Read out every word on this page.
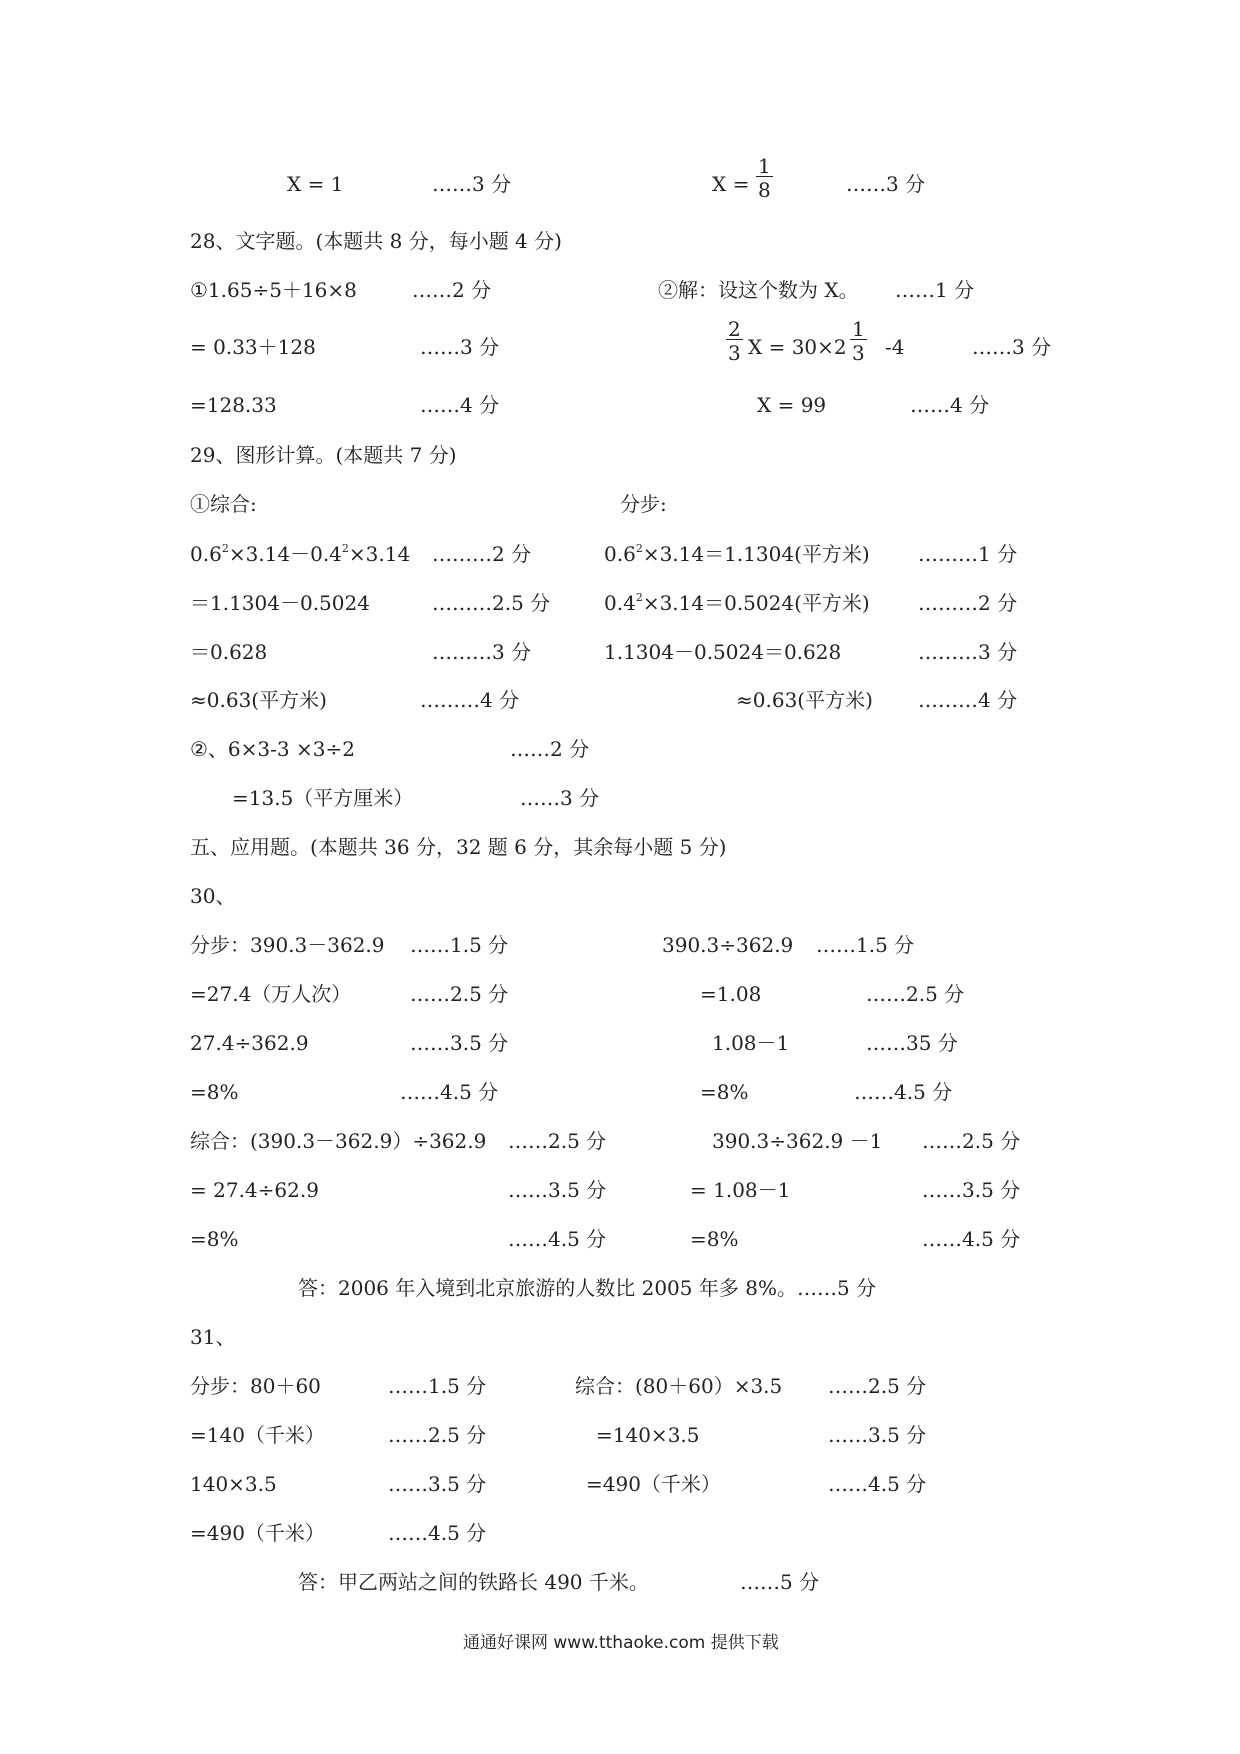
X = 1	……3 分	$X = \frac{1}{8}$	……3 分
28、文字题。(本题共 8 分，每小题 4 分)
①1.65÷5＋16×8	……2 分	②解：设这个数为 X。 ……1 分
= 0.33＋128	……3 分	$\frac{2}{3}$ $X = 30\times 2 \frac{1}{3} -4$	……3 分
=128.33	……4 分	X = 99	……4 分
29、图形计算。(本题共 7 分)
①综合:	分步:
$0.6^2\times 3.14-0.4^2\times 3.14$ ………2 分	$0.6^2\times 3.14=1.1304$(平方米) ………1 分
＝1.1304－0.5024	………2.5 分	$0.4^2\times 3.14=0.5024$(平方米) ………2 分
＝0.628	………3 分	1.1304－0.5024＝0.628	………3 分
≈0.63(平方米)	………4 分	≈0.63(平方米) ………4 分
②、6×3-3 ×3÷2	……2 分
=13.5（平方厘米）	……3 分
五、应用题。(本题共 36 分，32 题 6 分，其余每小题 5 分)
30、
分步：390.3－362.9 ……1.5 分	390.3÷362.9 ……1.5 分
=27.4（万人次）	……2.5 分	=1.08	……2.5 分
27.4÷362.9	……3.5 分	1.08－1	……35 分
=8%	……4.5 分	=8%	……4.5 分
综合：(390.3－362.9）÷362.9 ……2.5 分	390.3÷362.9 －1 ……2.5 分
= 27.4÷62.9	……3.5 分	= 1.08－1	……3.5 分
=8%	……4.5 分	=8%	……4.5 分
答：2006 年入境到北京旅游的人数比 2005 年多 8%。……5 分
31、
分步：80＋60	……1.5 分	综合：(80＋60）×3.5 ……2.5 分
=140（千米）	……2.5 分	=140×3.5	……3.5 分
140×3.5	……3.5 分	=490（千米）	……4.5 分
=490（千米）	……4.5 分
答：甲乙两站之间的铁路长 490 千米。	……5 分
通通好课网 www.tthaoke.com 提供下载
